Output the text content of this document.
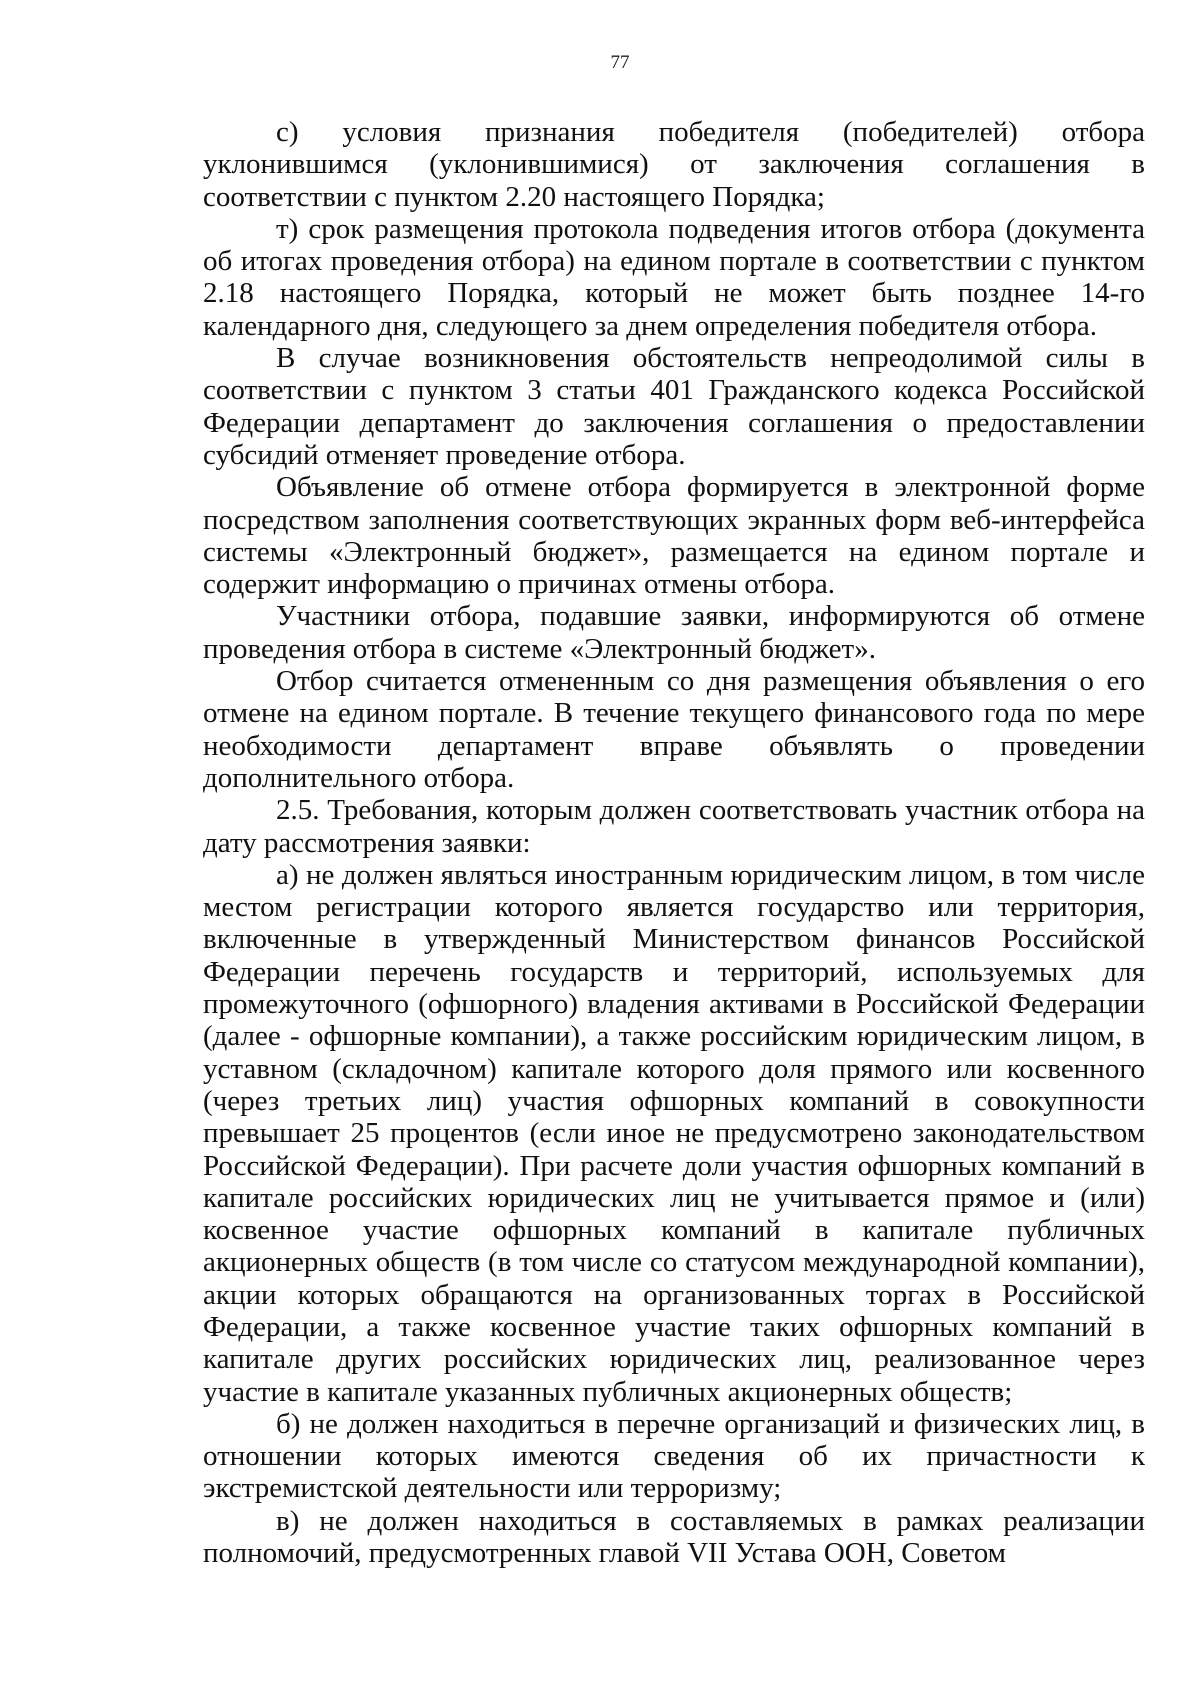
77

с) условия признания победителя (победителей) отбора уклонившимся (уклонившимися) от заключения соглашения в соответствии с пунктом 2.20 настоящего Порядка;

т) срок размещения протокола подведения итогов отбора (документа об итогах проведения отбора) на едином портале в соответствии с пунктом 2.18 настоящего Порядка, который не может быть позднее 14-го календарного дня, следующего за днем определения победителя отбора.

В случае возникновения обстоятельств непреодолимой силы в соответствии с пунктом 3 статьи 401 Гражданского кодекса Российской Федерации департамент до заключения соглашения о предоставлении субсидий отменяет проведение отбора.

Объявление об отмене отбора формируется в электронной форме посредством заполнения соответствующих экранных форм веб-интерфейса системы «Электронный бюджет», размещается на едином портале и содержит информацию о причинах отмены отбора.

Участники отбора, подавшие заявки, информируются об отмене проведения отбора в системе «Электронный бюджет».

Отбор считается отмененным со дня размещения объявления о его отмене на едином портале. В течение текущего финансового года по мере необходимости департамент вправе объявлять о проведении дополнительного отбора.

2.5. Требования, которым должен соответствовать участник отбора на дату рассмотрения заявки:

а) не должен являться иностранным юридическим лицом, в том числе местом регистрации которого является государство или территория, включенные в утвержденный Министерством финансов Российской Федерации перечень государств и территорий, используемых для промежуточного (офшорного) владения активами в Российской Федерации (далее - офшорные компании), а также российским юридическим лицом, в уставном (складочном) капитале которого доля прямого или косвенного (через третьих лиц) участия офшорных компаний в совокупности превышает 25 процентов (если иное не предусмотрено законодательством Российской Федерации). При расчете доли участия офшорных компаний в капитале российских юридических лиц не учитывается прямое и (или) косвенное участие офшорных компаний в капитале публичных акционерных обществ (в том числе со статусом международной компании), акции которых обращаются на организованных торгах в Российской Федерации, а также косвенное участие таких офшорных компаний в капитале других российских юридических лиц, реализованное через участие в капитале указанных публичных акционерных обществ;

б) не должен находиться в перечне организаций и физических лиц, в отношении которых имеются сведения об их причастности к экстремистской деятельности или терроризму;

в) не должен находиться в составляемых в рамках реализации полномочий, предусмотренных главой VII Устава ООН, Советом
